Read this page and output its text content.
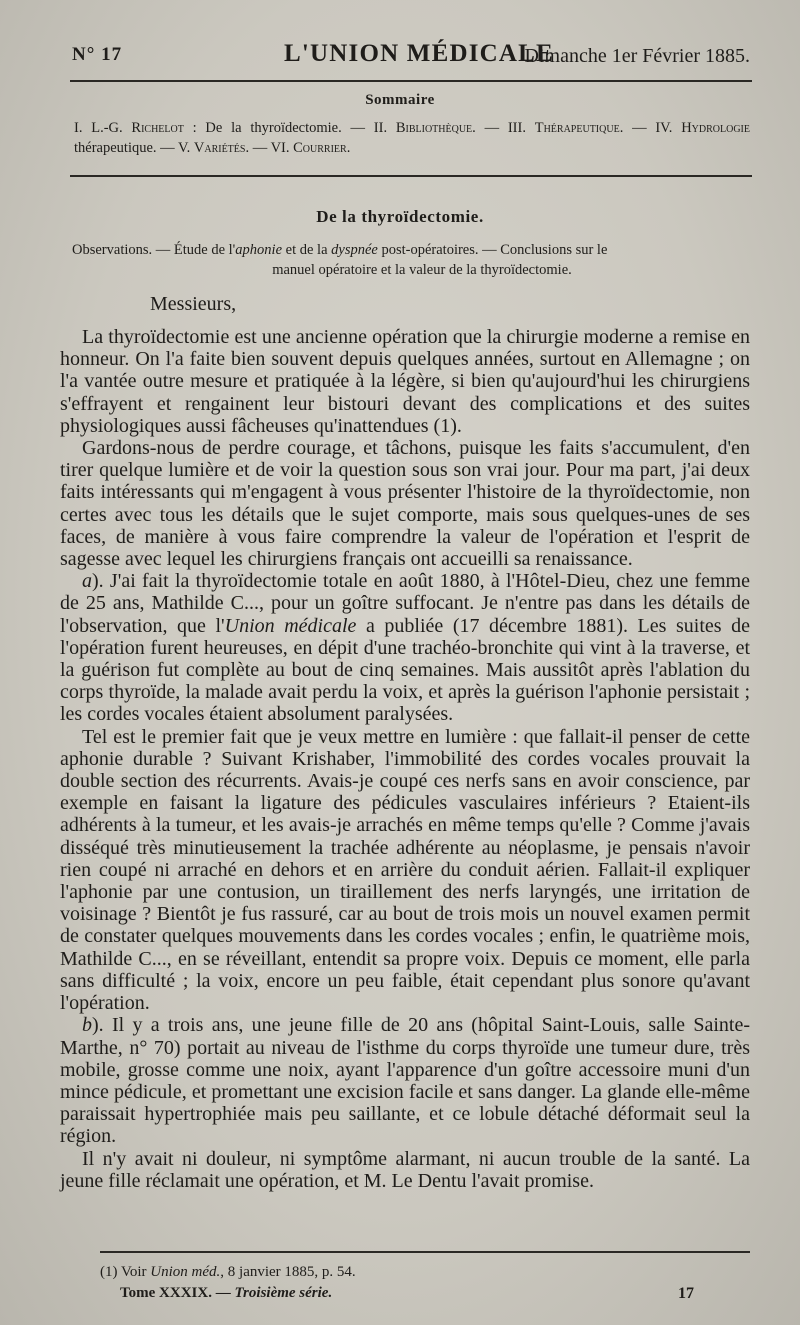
N° 17	L'UNION MÉDICALE
Dimanche 1er Février 1885.
Sommaire
I. L.-G. Richelot : De la thyroïdectomie. — II. Bibliothèque. — III. Thérapeutique. — IV. Hydrologie thérapeutique. — V. Variétés. — VI. Courrier.
De la thyroïdectomie.
Observations. — Étude de l'aphonie et de la dyspnée post-opératoires. — Conclusions sur le
manuel opératoire et la valeur de la thyroïdectomie.
Messieurs,

La thyroïdectomie est une ancienne opération que la chirurgie moderne a remise en honneur. On l'a faite bien souvent depuis quelques années, surtout en Allemagne ; on l'a vantée outre mesure et pratiquée à la légère, si bien qu'aujourd'hui les chirurgiens s'effrayent et rengainent leur bistouri devant des complications et des suites physiologiques aussi fâcheuses qu'inattendues (1).

Gardons-nous de perdre courage, et tâchons, puisque les faits s'accumulent, d'en tirer quelque lumière et de voir la question sous son vrai jour. Pour ma part, j'ai deux faits intéressants qui m'engagent à vous présenter l'histoire de la thyroïdectomie, non certes avec tous les détails que le sujet comporte, mais sous quelques-unes de ses faces, de manière à vous faire comprendre la valeur de l'opération et l'esprit de sagesse avec lequel les chirurgiens français ont accueilli sa renaissance.

a). J'ai fait la thyroïdectomie totale en août 1880, à l'Hôtel-Dieu, chez une femme de 25 ans, Mathilde C..., pour un goître suffocant. Je n'entre pas dans les détails de l'observation, que l'Union médicale a publiée (17 décembre 1881). Les suites de l'opération furent heureuses, en dépit d'une trachéo-bronchite qui vint à la traverse, et la guérison fut complète au bout de cinq semaines. Mais aussitôt après l'ablation du corps thyroïde, la malade avait perdu la voix, et après la guérison l'aphonie persistait ; les cordes vocales étaient absolument paralysées.

Tel est le premier fait que je veux mettre en lumière : que fallait-il penser de cette aphonie durable ? Suivant Krishaber, l'immobilité des cordes vocales prouvait la double section des récurrents. Avais-je coupé ces nerfs sans en avoir conscience, par exemple en faisant la ligature des pédicules vasculaires inférieurs ? Etaient-ils adhérents à la tumeur, et les avais-je arrachés en même temps qu'elle ? Comme j'avais disséqué très minutieusement la trachée adhérente au néoplasme, je pensais n'avoir rien coupé ni arraché en dehors et en arrière du conduit aérien. Fallait-il expliquer l'aphonie par une contusion, un tiraillement des nerfs laryngés, une irritation de voisinage ? Bientôt je fus rassuré, car au bout de trois mois un nouvel examen permit de constater quelques mouvements dans les cordes vocales ; enfin, le quatrième mois, Mathilde C..., en se réveillant, entendit sa propre voix. Depuis ce moment, elle parla sans difficulté ; la voix, encore un peu faible, était cependant plus sonore qu'avant l'opération.

b). Il y a trois ans, une jeune fille de 20 ans (hôpital Saint-Louis, salle Sainte-Marthe, n° 70) portait au niveau de l'isthme du corps thyroïde une tumeur dure, très mobile, grosse comme une noix, ayant l'apparence d'un goître accessoire muni d'un mince pédicule, et promettant une excision facile et sans danger. La glande elle-même paraissait hypertrophiée mais peu saillante, et ce lobule détaché déformait seul la région.

Il n'y avait ni douleur, ni symptôme alarmant, ni aucun trouble de la santé. La jeune fille réclamait une opération, et M. Le Dentu l'avait promise.

(1) Voir Union méd., 8 janvier 1885, p. 54.
Tome XXXIX. — Troisième série.	17
